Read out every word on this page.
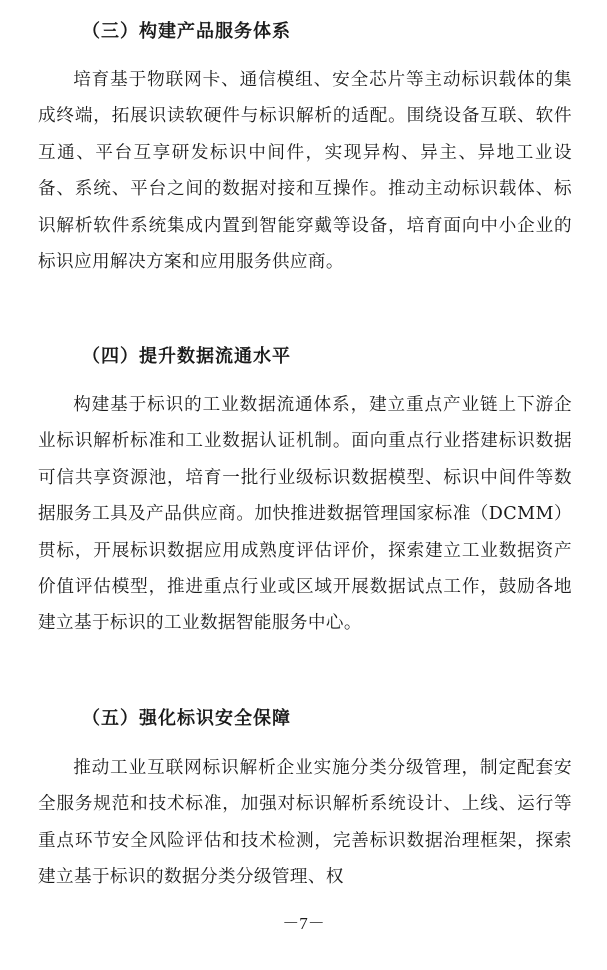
（三）构建产品服务体系

培育基于物联网卡、通信模组、安全芯片等主动标识载体的集成终端，拓展识读软硬件与标识解析的适配。围绕设备互联、软件互通、平台互享研发标识中间件，实现异构、异主、异地工业设备、系统、平台之间的数据对接和互操作。推动主动标识载体、标识解析软件系统集成内置到智能穿戴等设备，培育面向中小企业的标识应用解决方案和应用服务供应商。

（四）提升数据流通水平

构建基于标识的工业数据流通体系，建立重点产业链上下游企业标识解析标准和工业数据认证机制。面向重点行业搭建标识数据可信共享资源池，培育一批行业级标识数据模型、标识中间件等数据服务工具及产品供应商。加快推进数据管理国家标准（DCMM）贯标，开展标识数据应用成熟度评估评价，探索建立工业数据资产价值评估模型，推进重点行业或区域开展数据试点工作，鼓励各地建立基于标识的工业数据智能服务中心。

（五）强化标识安全保障

推动工业互联网标识解析企业实施分类分级管理，制定配套安全服务规范和技术标准，加强对标识解析系统设计、上线、运行等重点环节安全风险评估和技术检测，完善标识数据治理框架，探索建立基于标识的数据分类分级管理、权

－7－
